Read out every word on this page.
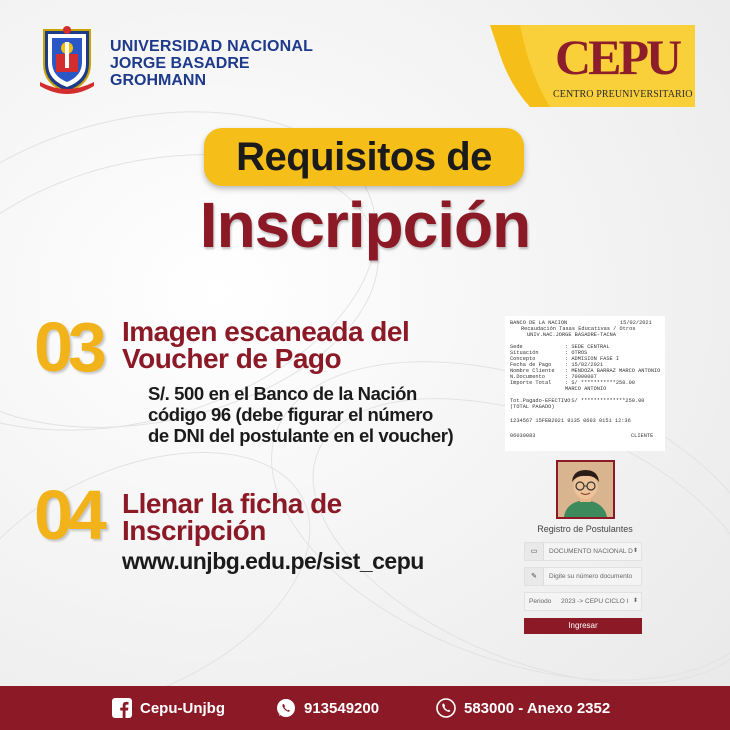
UNIVERSIDAD NACIONAL
JORGE BASADRE
GROHMANN	CEPU
CENTRO PREUNIVERSITARIO
Requisitos de
Inscripción
03 Imagen escaneada del
Voucher de Pago
S/. 500 en el Banco de la Nación
código 96 (debe figurar el número
de DNI del postulante en el voucher)
04 Llenar la ficha de
Inscripción
www.unjbg.edu.pe/sist_cepu
BANCO DE LA NACION	15/02/2021
Recaudación Tasas Educativas / Otros
UNIV.NAC.JORGE BASADRE-TACNA
Sede	: SEDE CENTRAL
Situación	: OTROS
Concepto	: ADMISION FASE I
Fecha de Pago	: 15/02/2021
Nombre Cliente : MENDOZA BARRAZ MARCO ANTONIO
N.Documento	: 70000007
Importe Total	: S/ ***********250.00
MARCO ANTONIO
Tot.Pagado-EFECTIVO
: S/ **************250.00
(TOTAL PAGADO)
1234567 15FEB2021 9135 0603 0151 12:36
06030083	CLIENTE
Registro de Postulantes
▭	DOCUMENTO NACIONAL D ⬍
✎	Digite su número documento
Periodo 2023 -> CEPU CICLO I ⬍
Ingresar
Cepu-Unjbg	913549200	583000 - Anexo 2352
